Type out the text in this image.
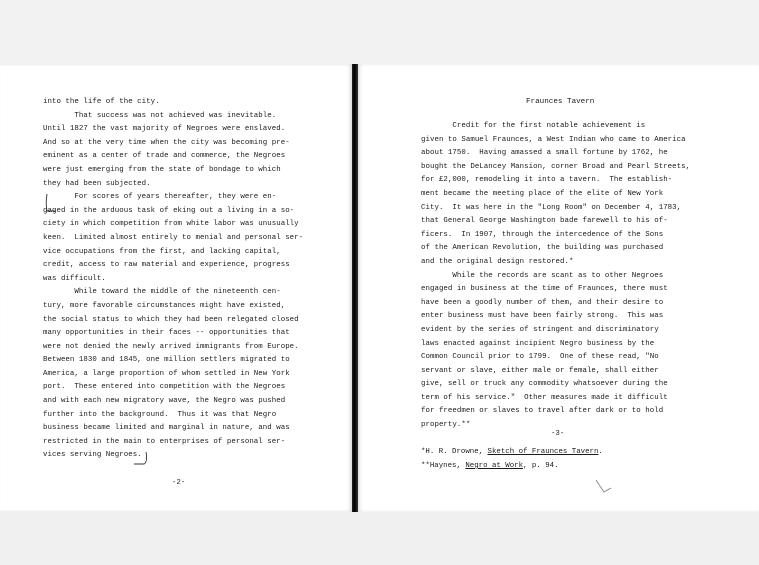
into the life of the city.
That success was not achieved was inevitable.
Until 1827 the vast majority of Negroes were enslaved.
And so at the very time when the city was becoming pre-
eminent as a center of trade and commerce, the Negroes
were just emerging from the state of bondage to which
they had been subjected.
For scores of years thereafter, they were en-
gaged in the arduous task of eking out a living in a so-
ciety in which competition from white labor was unusually
keen.  Limited almost entirely to menial and personal ser-
vice occupations from the first, and lacking capital,
credit, access to raw material and experience, progress
was difficult.
While toward the middle of the nineteenth cen-
tury, more favorable circumstances might have existed,
the social status to which they had been relegated closed
many opportunities in their faces -- opportunities that
were not denied the newly arrived immigrants from Europe.
Between 1830 and 1845, one million settlers migrated to
America, a large proportion of whom settled in New York
port.  These entered into competition with the Negroes
and with each new migratory wave, the Negro was pushed
further into the background.  Thus it was that Negro
business became limited and marginal in nature, and was
restricted in the main to enterprises of personal ser-
vices serving Negroes.
-2-
Fraunces Tavern
Credit for the first notable achievement is
given to Samuel Fraunces, a West Indian who came to America
about 1750.  Having amassed a small fortune by 1762, he
bought the DeLancey Mansion, corner Broad and Pearl Streets,
for £2,000, remodeling it into a tavern.  The establish-
ment became the meeting place of the elite of New York
City.  It was here in the "Long Room" on December 4, 1783,
that General George Washington bade farewell to his of-
ficers.  In 1907, through the intercedence of the Sons
of the American Revolution, the building was purchased
and the original design restored.*
While the records are scant as to other Negroes
engaged in business at the time of Fraunces, there must
have been a goodly number of them, and their desire to
enter business must have been fairly strong.  This was
evident by the series of stringent and discriminatory
laws enacted against incipient Negro business by the
Common Council prior to 1799.  One of these read, "No
servant or slave, either male or female, shall either
give, sell or truck any commodity whatsoever during the
term of his service."  Other measures made it difficult
for freedmen or slaves to travel after dark or to hold
property.**
-3-
*H. R. Drowne, Sketch of Fraunces Tavern.
**Haynes, Negro at Work, p. 94.
